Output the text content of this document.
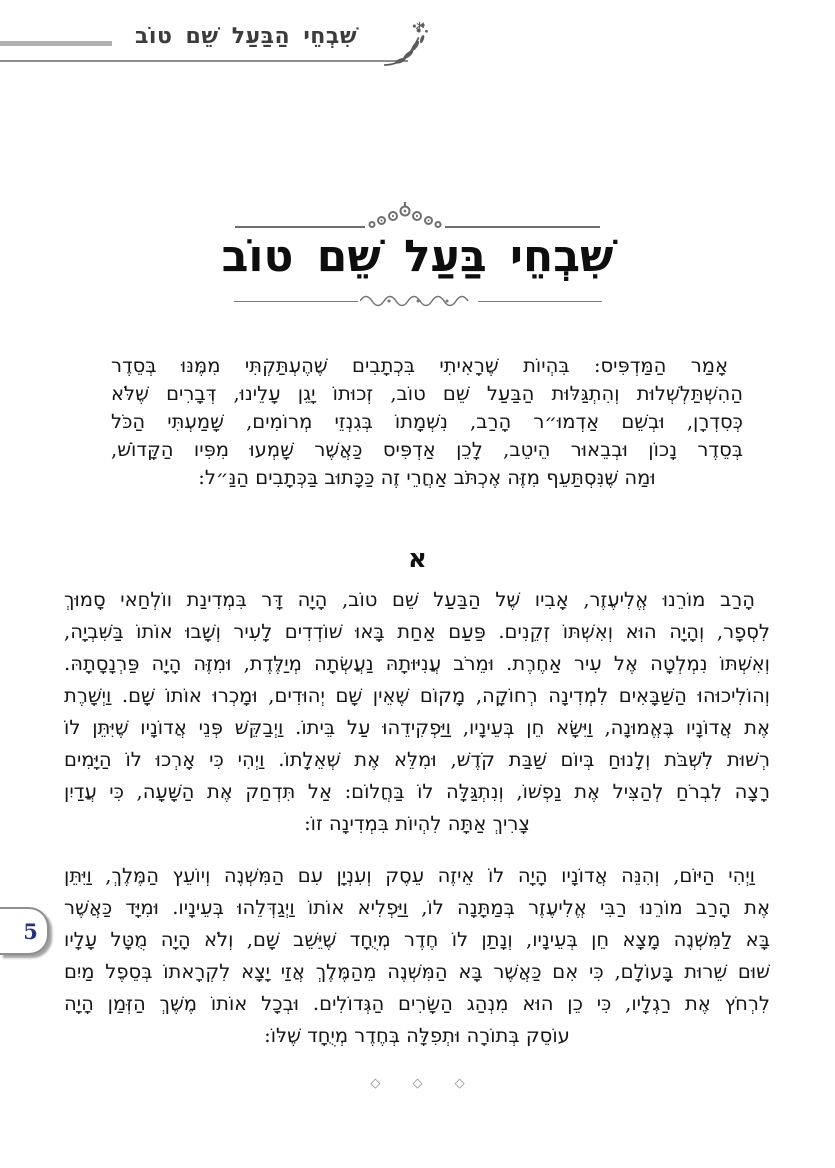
שִׁבְחֵי הַבַּעַל שֵׁם טוֹב
שִׁבְחֵי בַּעַל שֵׁם טוֹב
אָמַר הַמַּדְפִּיס: בִּהְיוֹת שֶׁרָאִיתִי בִּכְתָבִים שֶׁהֶעְתַּקְתִּי מִמֶּנּוּ בְּסֵדֶר
הַהִשְׁתַּלְשְׁלוּת וְהִתְגַּלּוּת הַבַּעַל שֵׁם טוֹב, זְכוּתוֹ יָגֵן עָלֵינוּ, דְּבָרִים שֶׁלֹּא
כְּסִדְרָן, וּבְשֵׁם אַדְמוּ״ר הָרַב, נִשְׁמָתוֹ בְּגִנְזֵי מְרוֹמִים, שָׁמַעְתִּי הַכֹּל
בְּסֵדֶר נָכוֹן וּבְבֵאוּר הֵיטֵב, לָכֵן אַדְפִּיס כַּאֲשֶׁר שָׁמְעוּ מִפִּיו הַקָּדוֹשׁ,
וּמַה שֶּׁנִּסְתַּעֵף מִזֶּה אֶכְתֹּב אַחֲרֵי זֶה כַּכָּתוּב בַּכְּתָבִים הַנַּ״ל:
א
הָרַב מוֹרֵנוּ אֱלִיעֶזֶר, אָבִיו שֶׁל הַבַּעַל שֵׁם טוֹב, הָיָה דָּר בִּמְדִינַת ווֹלְחַאי סָמוּךְ
לִסְפָר, וְהָיָה הוּא וְאִשְׁתּוֹ זְקֵנִים. פַּעַם אַחַת בָּאוּ שׁוֹדְדִים לָעִיר וְשָׁבוּ אוֹתוֹ בַּשִּׁבְיָה,
וְאִשְׁתּוֹ נִמְלְטָה אֶל עִיר אַחֶרֶת. וּמֵרֹב עֲנִיּוּתָהּ נַעֲשְׂתָה מְיַלֶּדֶת, וּמִזֶּה הָיָה פַּרְנָסָתָהּ.
וְהוֹלִיכוּהוּ הַשַּׁבָּאִים לִמְדִינָה רְחוֹקָה, מָקוֹם שֶׁאֵין שָׁם יְהוּדִים, וּמָכְרוּ אוֹתוֹ שָׁם. וַיְשָׁרֶת
אֶת אֲדוֹנָיו בֶּאֱמוּנָה, וַיִּשָּׂא חֵן בְּעֵינָיו, וַיַּפְקִידֵהוּ עַל בֵּיתוֹ. וַיְבַקֵּשׁ פְּנֵי אֲדוֹנָיו שֶׁיִּתֵּן לוֹ
רְשׁוּת לִשְׁבֹּת וְלָנוּחַ בְּיוֹם שַׁבַּת קֹדֶשׁ, וּמִלֵּא אֶת שְׁאֵלָתוֹ. וַיְהִי כִּי אָרְכוּ לוֹ הַיָּמִים
רָצָה לִבְרֹחַ לְהַצִּיל אֶת נַפְשׁוֹ, וְנִתְגַּלָּה לוֹ בַּחֲלוֹם: אַל תִּדְחַק אֶת הַשָּׁעָה, כִּי עֲדַיִן
צָרִיךְ אַתָּה לִהְיוֹת בִּמְדִינָה זוֹ:
וַיְהִי הַיּוֹם, וְהִנֵּה אֲדוֹנָיו הָיָה לוֹ אֵיזֶה עֵסֶק וְעִנְיָן עִם הַמִּשְׁנֶה וְיוֹעֵץ הַמֶּלֶךְ, וַיִּתֵּן
אֶת הָרַב מוֹרֵנוּ רַבִּי אֱלִיעֶזֶר בְּמַתָּנָה לוֹ, וַיַּפְלִיא אוֹתוֹ וַיְגַדְּלֵהוּ בְּעֵינָיו. וּמִיָּד כַּאֲשֶׁר
בָּא לַמִּשְׁנֶה מָצָא חֵן בְּעֵינָיו, וְנָתַן לוֹ חֶדֶר מְיֻחָד שֶׁיֵּשֵׁב שָׁם, וְלֹא הָיָה מֻטָּל עָלָיו
שׁוּם שֵׁרוּת בָּעוֹלָם, כִּי אִם כַּאֲשֶׁר בָּא הַמִּשְׁנֶה מֵהַמֶּלֶךְ אֲזַי יָצָא לִקְרָאתוֹ בְּסֵפֶל מַיִם
לִרְחֹץ אֶת רַגְלָיו, כִּי כֵן הוּא מִנְהַג הַשָּׂרִים הַגְּדוֹלִים. וּבְכָל אוֹתוֹ מֶשֶׁךְ הַזְּמַן הָיָה
עוֹסֵק בְּתוֹרָה וּתְפִלָּה בְּחֶדֶר מְיֻחָד שֶׁלּוֹ:
5
◇ ◇ ◇
